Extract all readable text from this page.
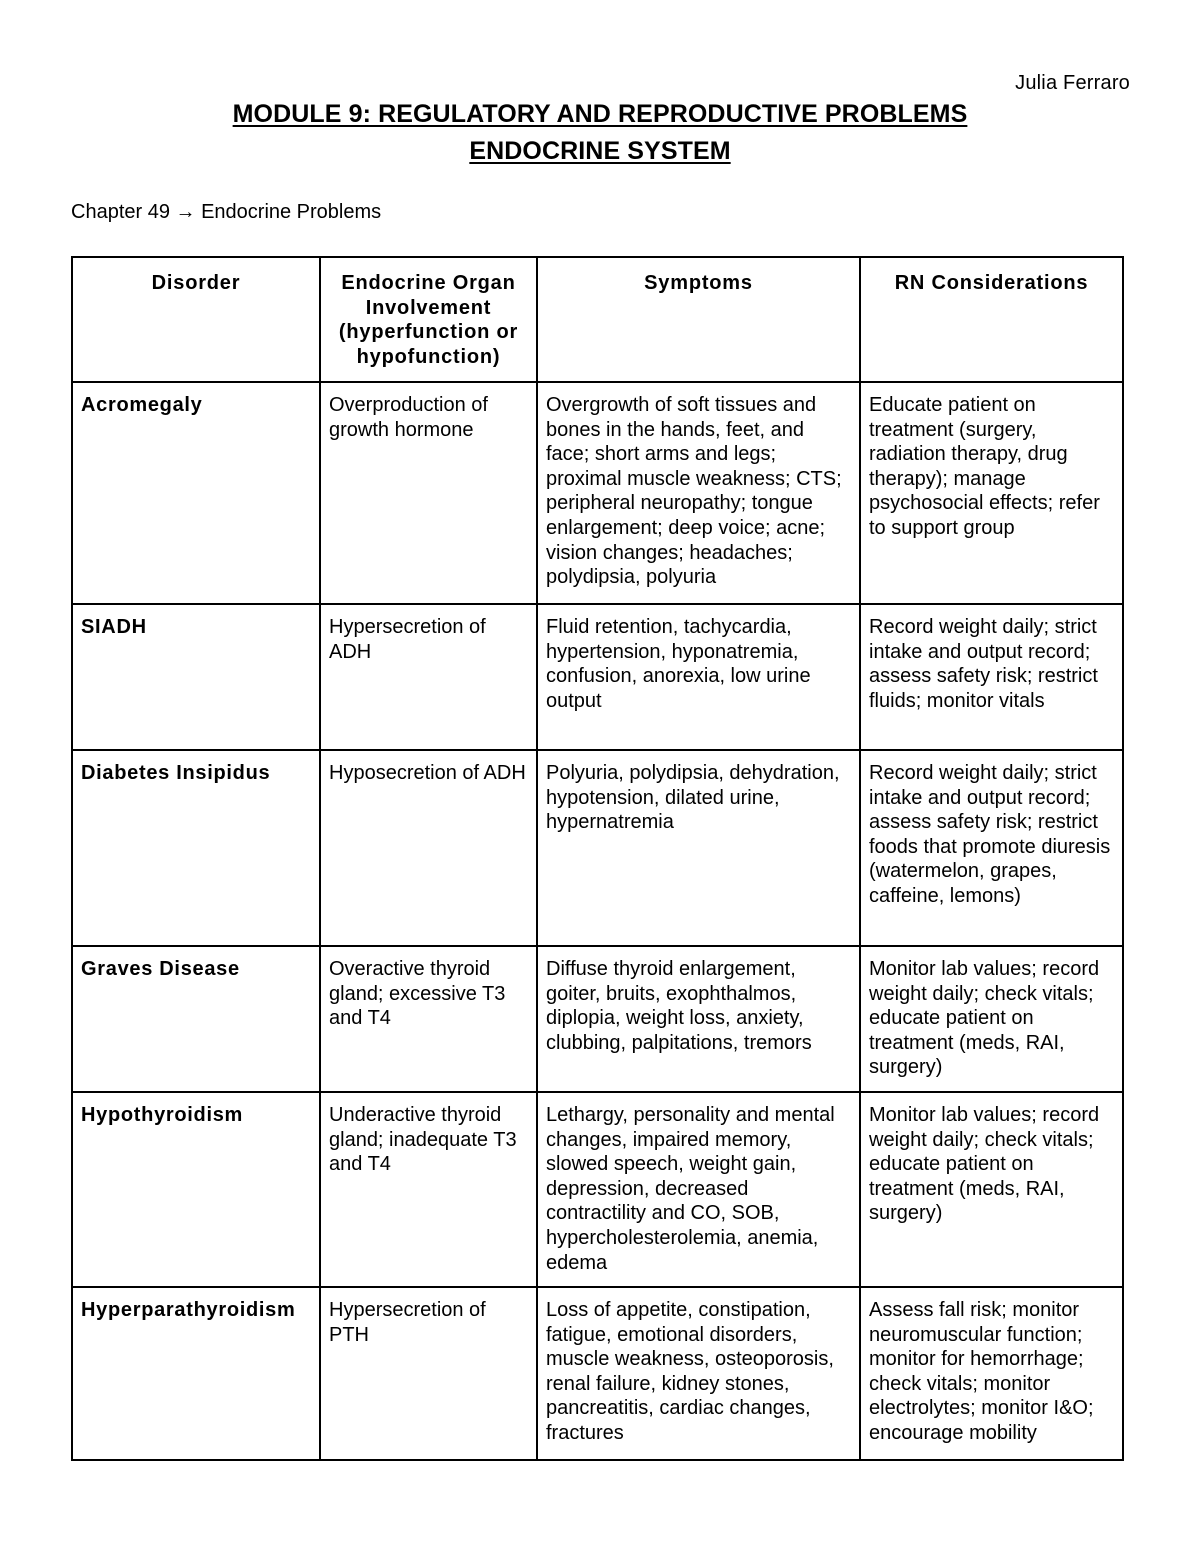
Julia Ferraro
MODULE 9: REGULATORY AND REPRODUCTIVE PROBLEMS
ENDOCRINE SYSTEM
Chapter 49 → Endocrine Problems
Disorder	Endocrine Organ Involvement (hyperfunction or hypofunction)	Symptoms	RN Considerations
Acromegaly	Overproduction of growth hormone	Overgrowth of soft tissues and bones in the hands, feet, and face; short arms and legs; proximal muscle weakness; CTS; peripheral neuropathy; tongue enlargement; deep voice; acne; vision changes; headaches; polydipsia, polyuria	Educate patient on treatment (surgery, radiation therapy, drug therapy); manage psychosocial effects; refer to support group
SIADH	Hypersecretion of ADH	Fluid retention, tachycardia, hypertension, hyponatremia, confusion, anorexia, low urine output	Record weight daily; strict intake and output record; assess safety risk; restrict fluids; monitor vitals
Diabetes Insipidus	Hyposecretion of ADH	Polyuria, polydipsia, dehydration, hypotension, dilated urine, hypernatremia	Record weight daily; strict intake and output record; assess safety risk; restrict foods that promote diuresis (watermelon, grapes, caffeine, lemons)
Graves Disease	Overactive thyroid gland; excessive T3 and T4	Diffuse thyroid enlargement, goiter, bruits, exophthalmos, diplopia, weight loss, anxiety, clubbing, palpitations, tremors	Monitor lab values; record weight daily; check vitals; educate patient on treatment (meds, RAI, surgery)
Hypothyroidism	Underactive thyroid gland; inadequate T3 and T4	Lethargy, personality and mental changes, impaired memory, slowed speech, weight gain, depression, decreased contractility and CO, SOB, hypercholesterolemia, anemia, edema	Monitor lab values; record weight daily; check vitals; educate patient on treatment (meds, RAI, surgery)
Hyperparathyroidism	Hypersecretion of PTH	Loss of appetite, constipation, fatigue, emotional disorders, muscle weakness, osteoporosis, renal failure, kidney stones, pancreatitis, cardiac changes, fractures	Assess fall risk; monitor neuromuscular function; monitor for hemorrhage; check vitals; monitor electrolytes; monitor I&O; encourage mobility
